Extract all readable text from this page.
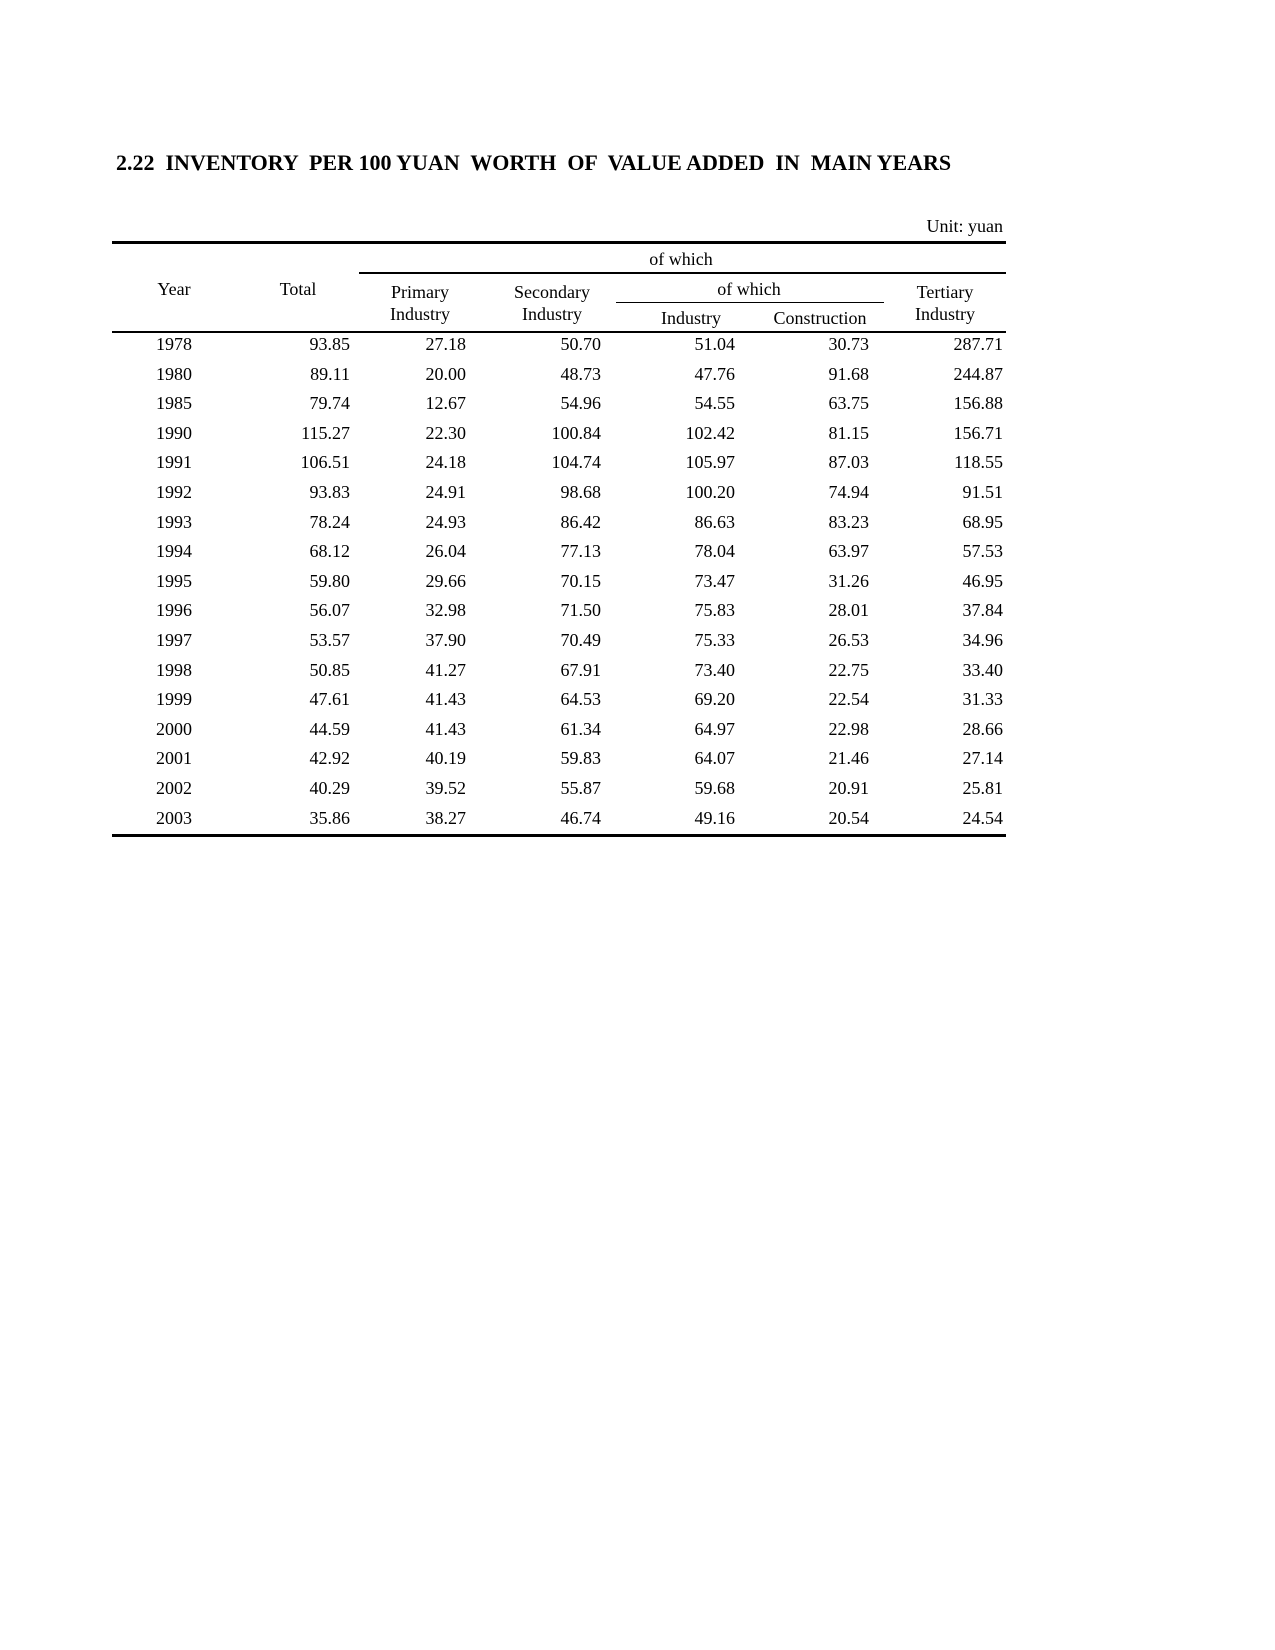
2.22  INVENTORY  PER 100 YUAN  WORTH  OF  VALUE ADDED  IN  MAIN YEARS
Unit: yuan
Year	Total
of which
Primary
Industry
Secondary
Industry
of which
Industry	Construction
Tertiary
Industry
1978	93.85	27.18	50.70	51.04	30.73	287.71
1980	89.11	20.00	48.73	47.76	91.68	244.87
1985	79.74	12.67	54.96	54.55	63.75	156.88
1990	115.27	22.30	100.84	102.42	81.15	156.71
1991	106.51	24.18	104.74	105.97	87.03	118.55
1992	93.83	24.91	98.68	100.20	74.94	91.51
1993	78.24	24.93	86.42	86.63	83.23	68.95
1994	68.12	26.04	77.13	78.04	63.97	57.53
1995	59.80	29.66	70.15	73.47	31.26	46.95
1996	56.07	32.98	71.50	75.83	28.01	37.84
1997	53.57	37.90	70.49	75.33	26.53	34.96
1998	50.85	41.27	67.91	73.40	22.75	33.40
1999	47.61	41.43	64.53	69.20	22.54	31.33
2000	44.59	41.43	61.34	64.97	22.98	28.66
2001	42.92	40.19	59.83	64.07	21.46	27.14
2002	40.29	39.52	55.87	59.68	20.91	25.81
2003	35.86	38.27	46.74	49.16	20.54	24.54
